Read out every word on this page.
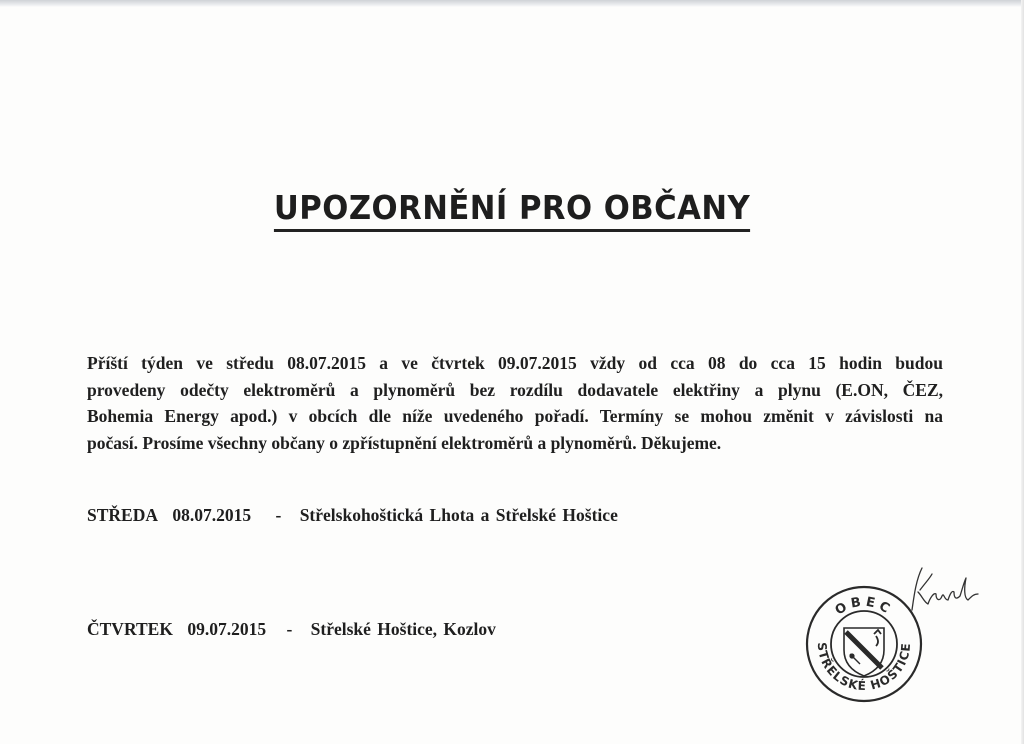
UPOZORNĚNÍ PRO OBČANY

Příští týden ve středu 08.07.2015 a ve čtvrtek 09.07.2015 vždy od cca 08 do cca 15 hodin budou
provedeny odečty elektroměrů a plynoměrů bez rozdílu dodavatele elektřiny a plynu (E.ON, ČEZ,
Bohemia Energy apod.) v obcích dle níže uvedeného pořadí. Termíny se mohou změnit v závislosti na
počasí. Prosíme všechny občany o zpřístupnění elektroměrů a plynoměrů. Děkujeme.

STŘEDA 08.07.2015 - Střelskohoštická Lhota a Střelské Hoštice
ČTVRTEK 09.07.2015 - Střelské Hoštice, Kozlov
OBEC
STŘELSKÉ HOŠTICE
